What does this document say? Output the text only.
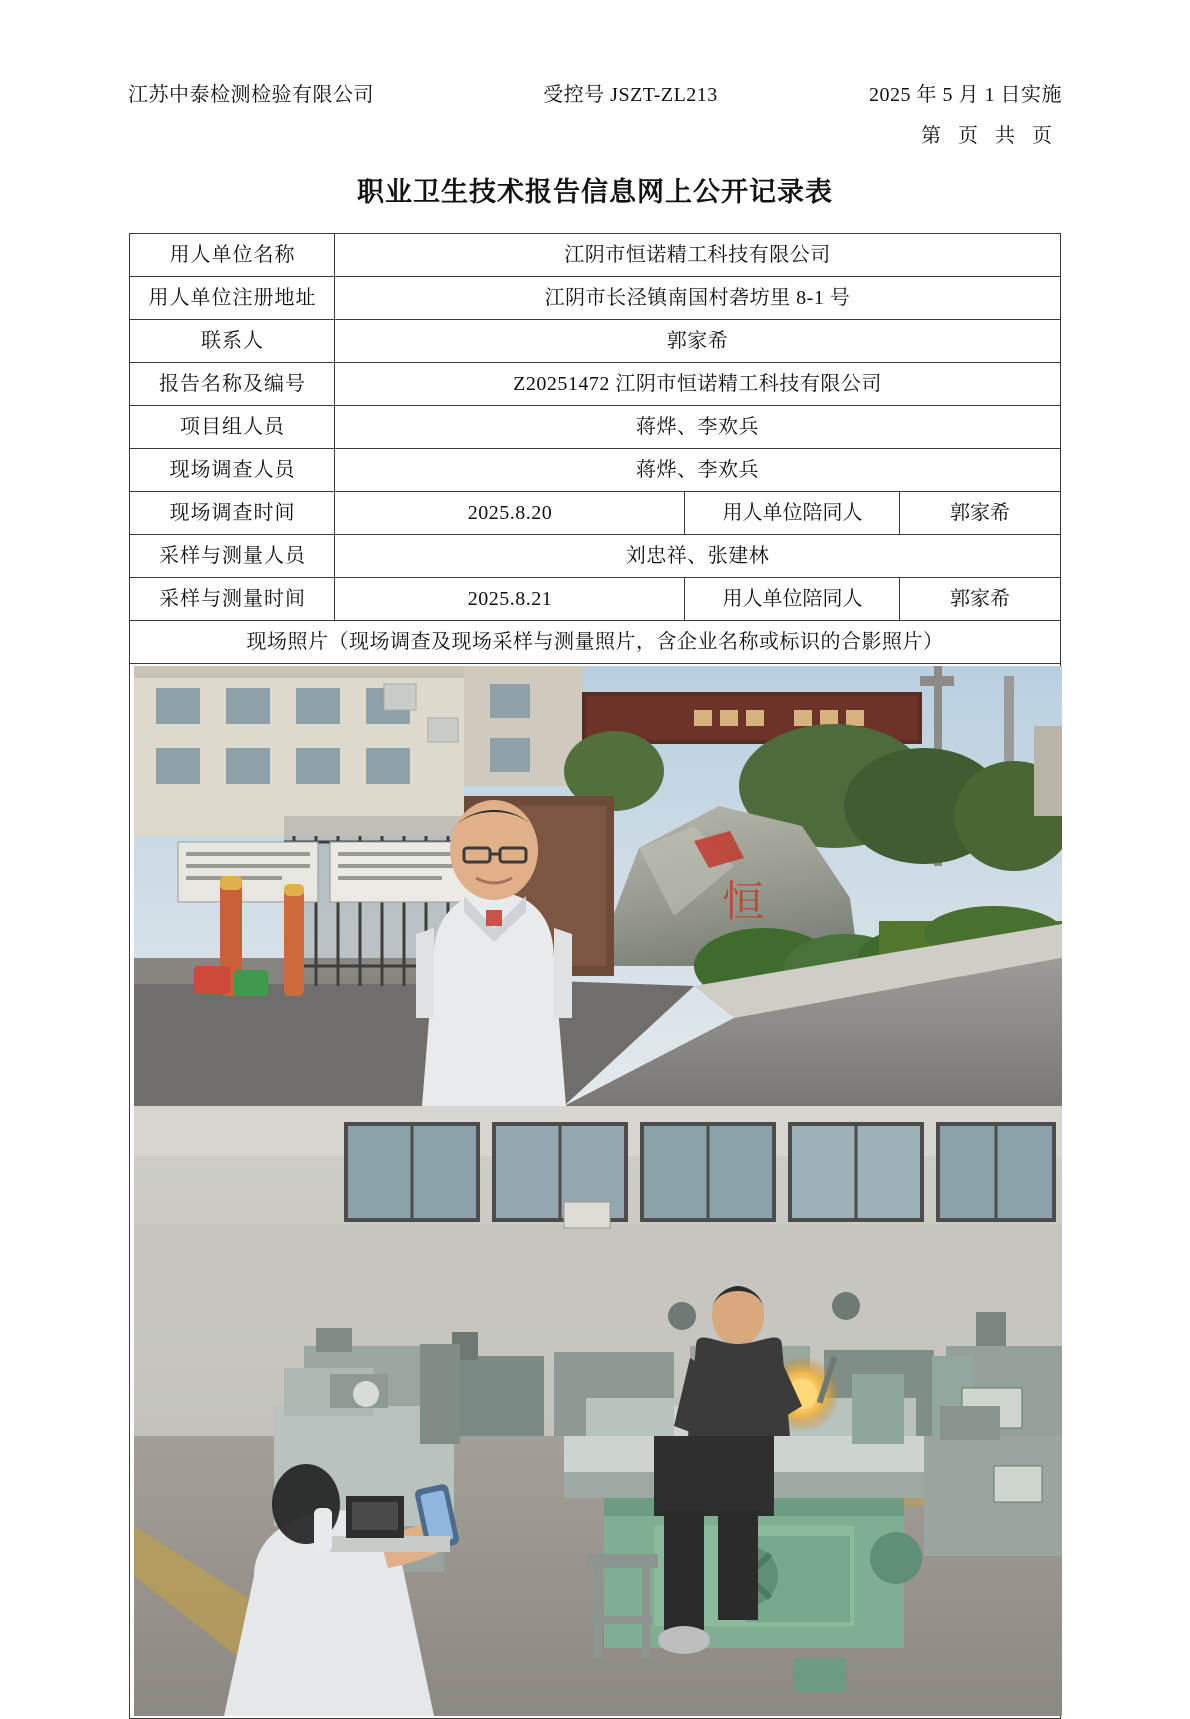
江苏中泰检测检验有限公司	受控号 JSZT-ZL213	2025 年 5 月 1 日实施
第 页 共 页
职业卫生技术报告信息网上公开记录表
用人单位名称	江阴市恒诺精工科技有限公司		
用人单位注册地址	江阴市长泾镇南国村砻坊里 8-1 号		
联系人	郭家希		
报告名称及编号	Z20251472 江阴市恒诺精工科技有限公司		
项目组人员	蒋烨、李欢兵		
现场调查人员	蒋烨、李欢兵		
现场调查时间	2025.8.20	用人单位陪同人	郭家希
采样与测量人员	刘忠祥、张建林		
采样与测量时间	2025.8.21	用人单位陪同人	郭家希
现场照片（现场调查及现场采样与测量照片，含企业名称或标识的合影照片）			

恒			
